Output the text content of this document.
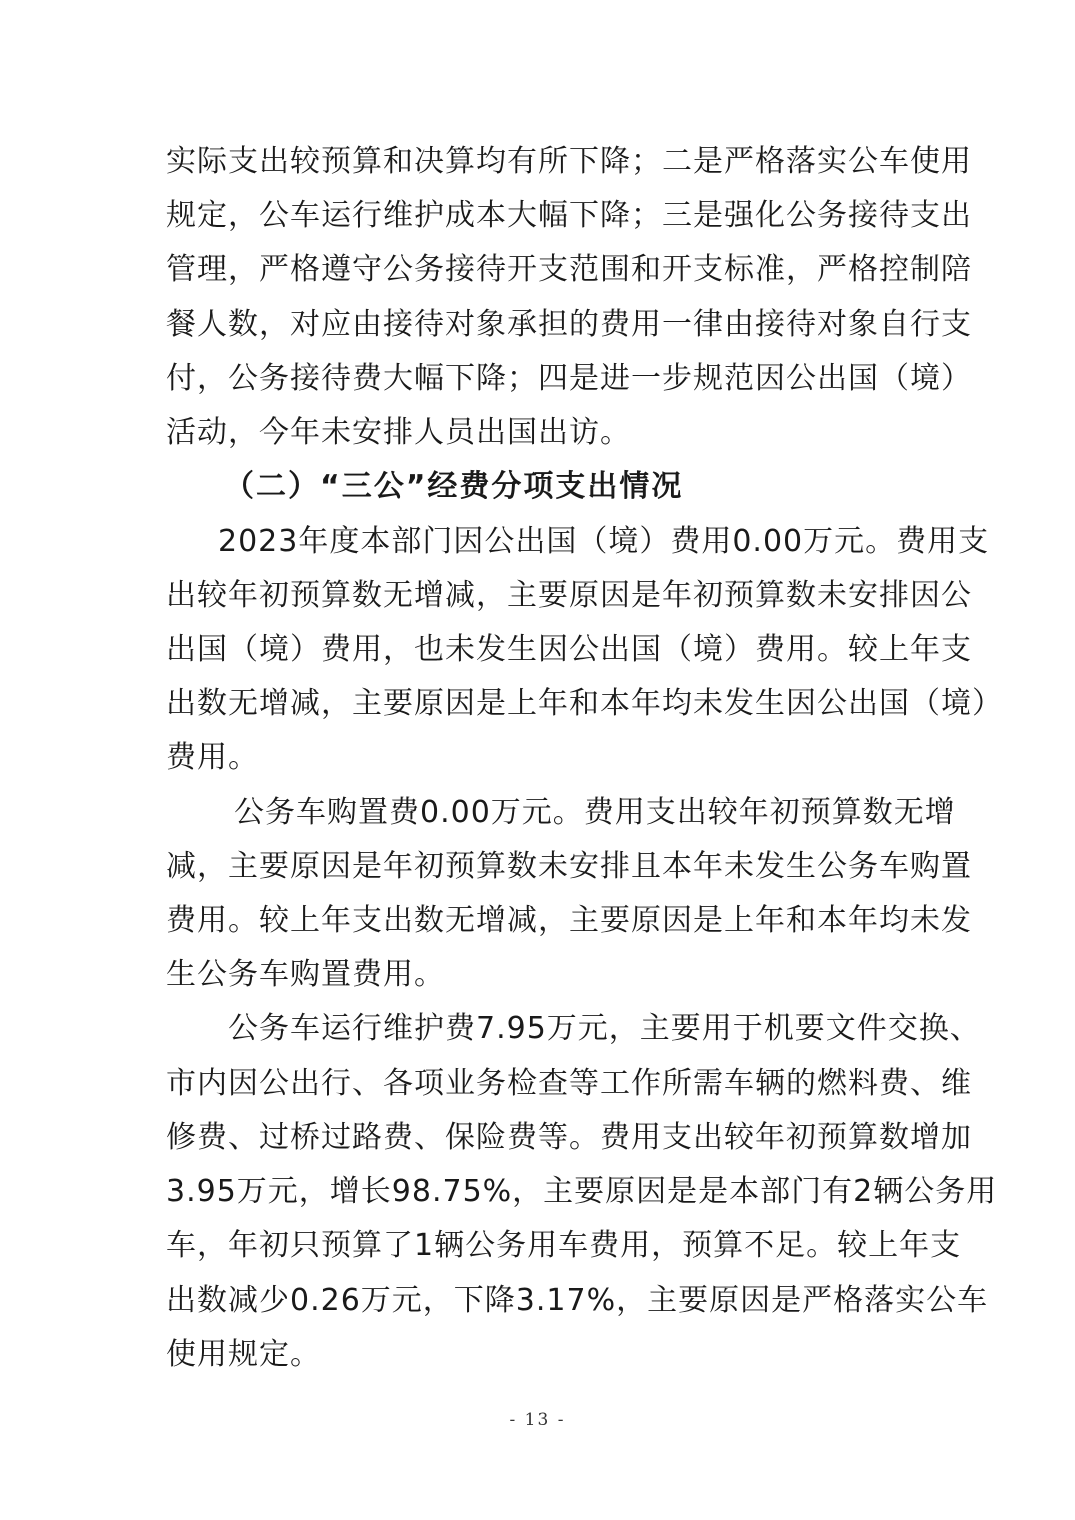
实际支出较预算和决算均有所下降；二是严格落实公车使用
规定，公车运行维护成本大幅下降；三是强化公务接待支出
管理，严格遵守公务接待开支范围和开支标准，严格控制陪
餐人数，对应由接待对象承担的费用一律由接待对象自行支
付，公务接待费大幅下降；四是进一步规范因公出国（境）
活动，今年未安排人员出国出访。
（二）“三公”经费分项支出情况
2023年度本部门因公出国（境）费用0.00万元。费用支
出较年初预算数无增减，主要原因是年初预算数未安排因公
出国（境）费用，也未发生因公出国（境）费用。较上年支
出数无增减，主要原因是上年和本年均未发生因公出国（境）
费用。
公务车购置费0.00万元。费用支出较年初预算数无增
减，主要原因是年初预算数未安排且本年未发生公务车购置
费用。较上年支出数无增减，主要原因是上年和本年均未发
生公务车购置费用。
公务车运行维护费7.95万元，主要用于机要文件交换、
市内因公出行、各项业务检查等工作所需车辆的燃料费、维
修费、过桥过路费、保险费等。费用支出较年初预算数增加
3.95万元，增长98.75%，主要原因是是本部门有2辆公务用
车，年初只预算了1辆公务用车费用，预算不足。较上年支
出数减少0.26万元，下降3.17%，主要原因是严格落实公车
使用规定。
- 13 -
